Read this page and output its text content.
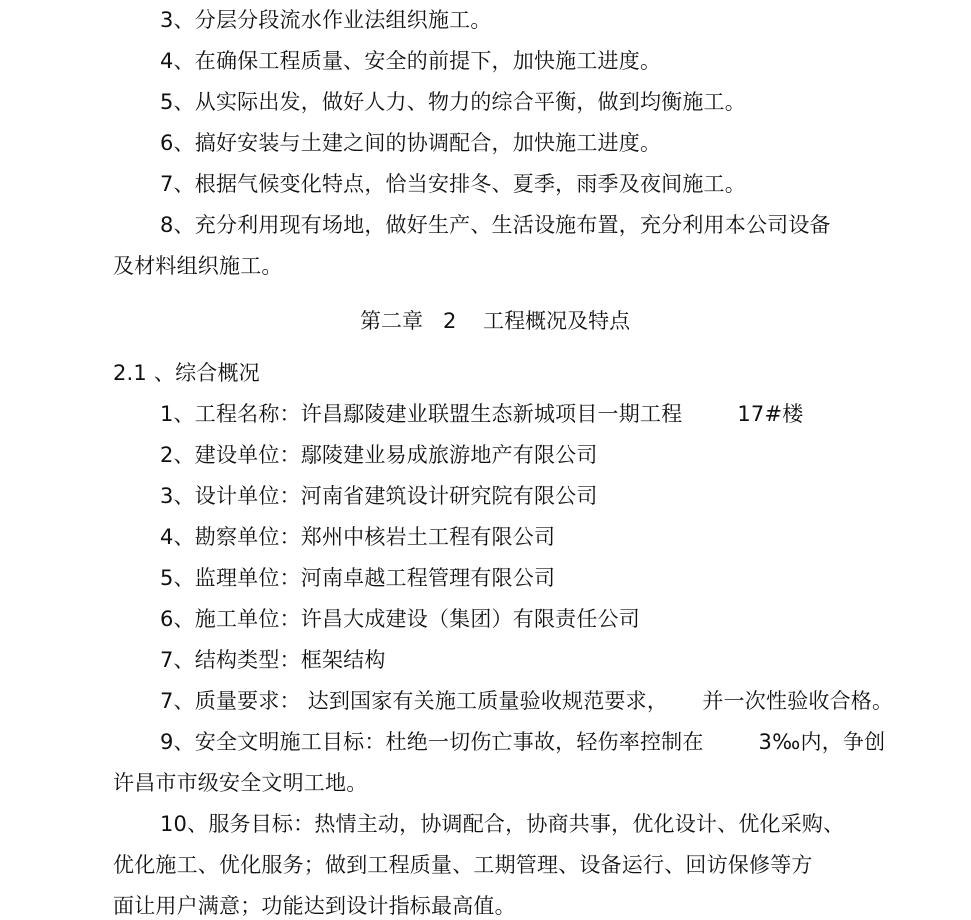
3、分层分段流水作业法组织施工。
4、在确保工程质量、安全的前提下，加快施工进度。
5、从实际出发，做好人力、物力的综合平衡，做到均衡施工。
6、搞好安装与土建之间的协调配合，加快施工进度。
7、根据气候变化特点，恰当安排冬、夏季，雨季及夜间施工。
8、充分利用现有场地，做好生产、生活设施布置，充分利用本公司设备
及材料组织施工。
第二章   2    工程概况及特点
2.1 、综合概况
1、工程名称：许昌鄢陵建业联盟生态新城项目一期工程        17#楼
2、建设单位：鄢陵建业易成旅游地产有限公司
3、设计单位：河南省建筑设计研究院有限公司
4、勘察单位：郑州中核岩土工程有限公司
5、监理单位：河南卓越工程管理有限公司
6、施工单位：许昌大成建设（集团）有限责任公司
7、结构类型：框架结构
7、质量要求： 达到国家有关施工质量验收规范要求，     并一次性验收合格。
9、安全文明施工目标：杜绝一切伤亡事故，轻伤率控制在        3‰内，争创
许昌市市级安全文明工地。
10、服务目标：热情主动，协调配合，协商共事，优化设计、优化采购、
优化施工、优化服务；做到工程质量、工期管理、设备运行、回访保修等方
面让用户满意；功能达到设计指标最高值。
